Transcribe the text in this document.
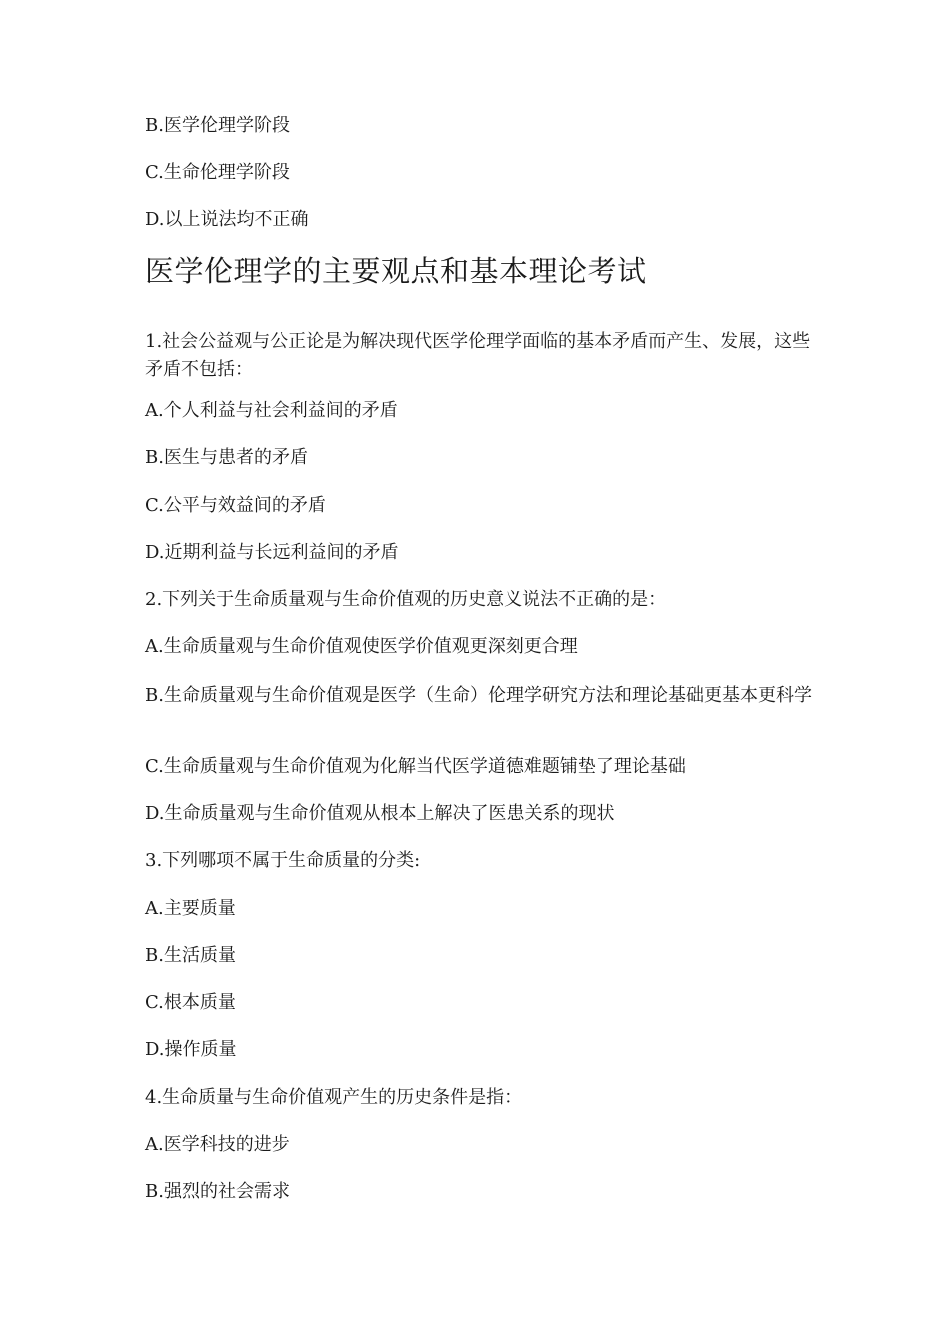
B.医学伦理学阶段
C.生命伦理学阶段
D.以上说法均不正确
医学伦理学的主要观点和基本理论考试
1.社会公益观与公正论是为解决现代医学伦理学面临的基本矛盾而产生、发展，这些矛盾不包括：
A.个人利益与社会利益间的矛盾
B.医生与患者的矛盾
C.公平与效益间的矛盾
D.近期利益与长远利益间的矛盾
2.下列关于生命质量观与生命价值观的历史意义说法不正确的是：
A.生命质量观与生命价值观使医学价值观更深刻更合理
B.生命质量观与生命价值观是医学（生命）伦理学研究方法和理论基础更基本更科学
C.生命质量观与生命价值观为化解当代医学道德难题铺垫了理论基础
D.生命质量观与生命价值观从根本上解决了医患关系的现状
3.下列哪项不属于生命质量的分类:
A.主要质量
B.生活质量
C.根本质量
D.操作质量
4.生命质量与生命价值观产生的历史条件是指：
A.医学科技的进步
B.强烈的社会需求
